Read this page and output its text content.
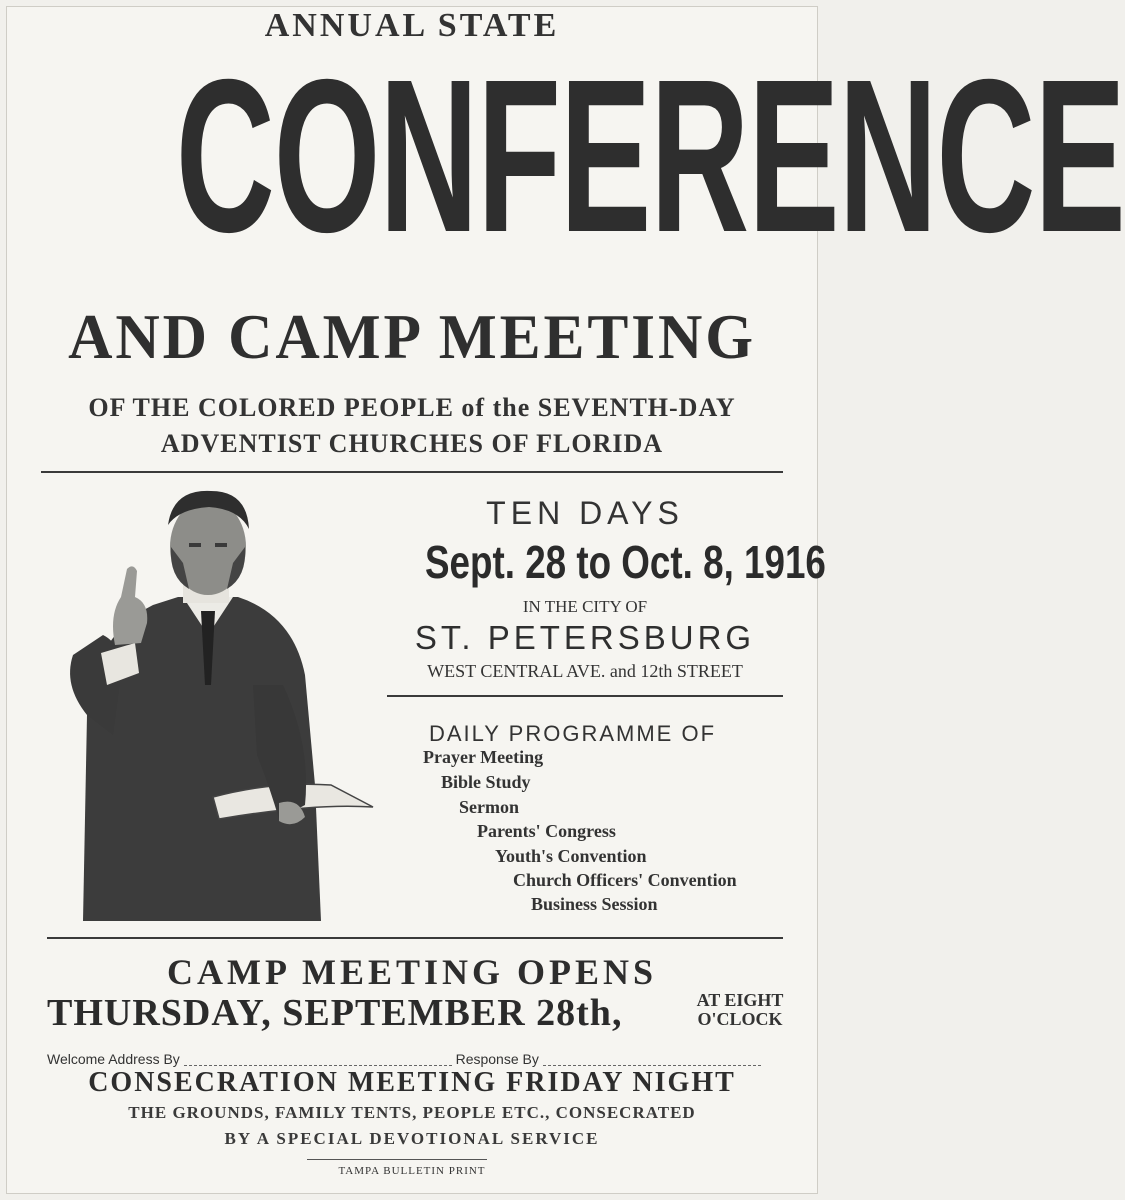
ANNUAL STATE
CONFERENCE
AND CAMP MEETING
OF THE COLORED PEOPLE of the SEVENTH-DAY
ADVENTIST CHURCHES OF FLORIDA
TEN DAYS
Sept. 28 to Oct. 8, 1916
IN THE CITY OF
ST. PETERSBURG
WEST CENTRAL AVE. and 12th STREET
DAILY PROGRAMME OF
Prayer Meeting
Bible Study
Sermon
Parents' Congress
Youth's Convention
Church Officers' Convention
Business Session
CAMP MEETING OPENS
THURSDAY, SEPTEMBER 28th,	AT EIGHT
O'CLOCK
Welcome Address By	Response By
CONSECRATION MEETING FRIDAY NIGHT
THE GROUNDS, FAMILY TENTS, PEOPLE ETC., CONSECRATED
BY A SPECIAL DEVOTIONAL SERVICE
TAMPA BULLETIN PRINT
